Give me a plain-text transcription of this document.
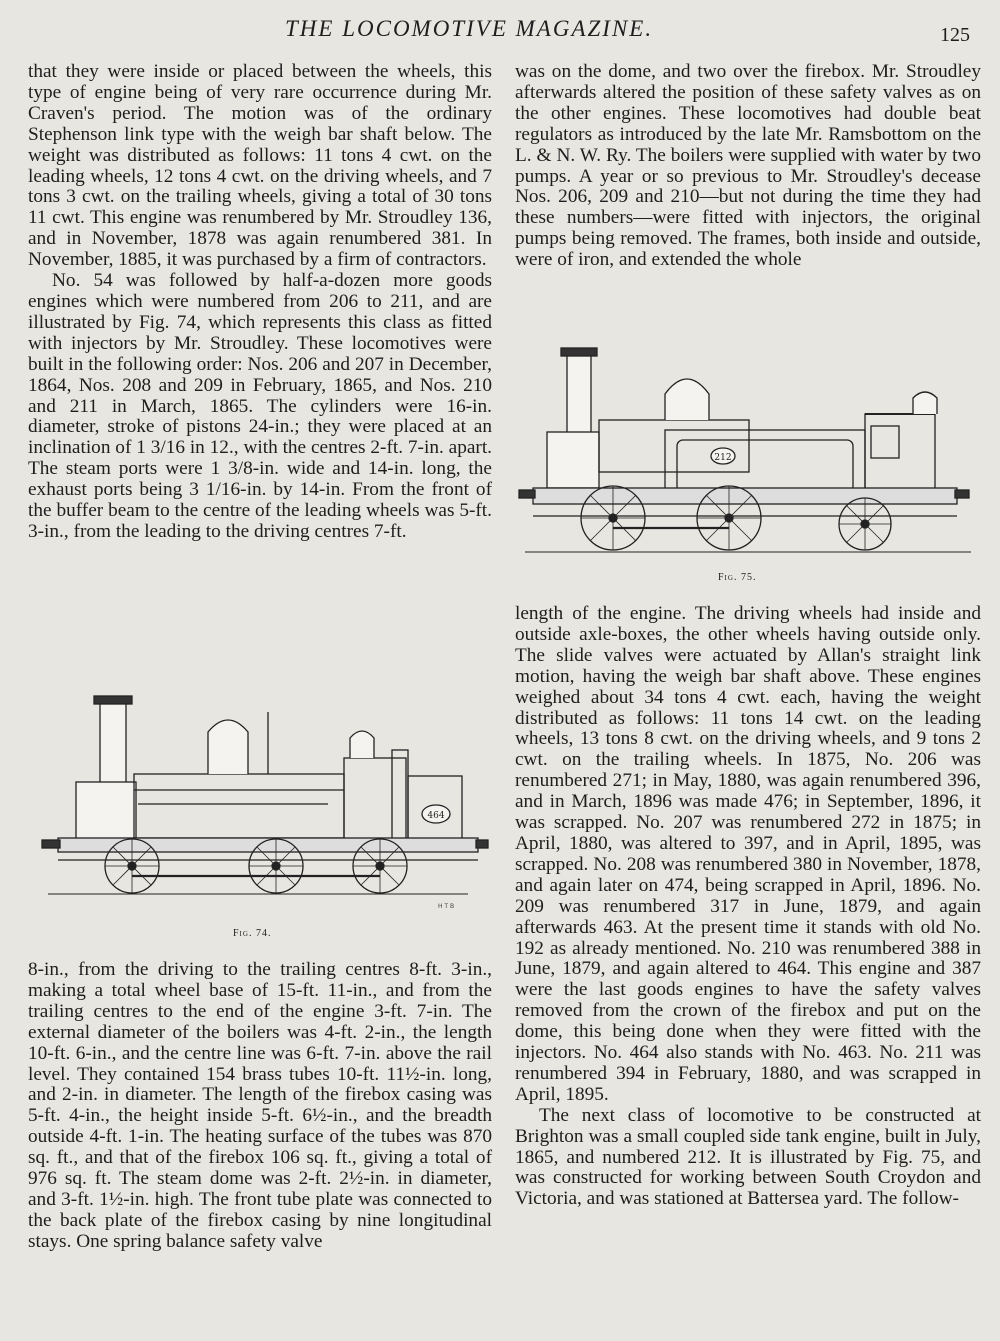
THE LOCOMOTIVE MAGAZINE.	125

that they were inside or placed between the wheels, this type of engine being of very rare occurrence during Mr. Craven's period. The motion was of the ordinary Stephenson link type with the weigh bar shaft below. The weight was distributed as follows: 11 tons 4 cwt. on the leading wheels, 12 tons 4 cwt. on the driving wheels, and 7 tons 3 cwt. on the trailing wheels, giving a total of 30 tons 11 cwt. This engine was renumbered by Mr. Stroudley 136, and in November, 1878 was again renumbered 381. In November, 1885, it was purchased by a firm of contractors.

No. 54 was followed by half-a-dozen more goods engines which were numbered from 206 to 211, and are illustrated by Fig. 74, which represents this class as fitted with injectors by Mr. Stroudley. These locomotives were built in the following order: Nos. 206 and 207 in December, 1864, Nos. 208 and 209 in February, 1865, and Nos. 210 and 211 in March, 1865. The cylinders were 16-in. diameter, stroke of pistons 24-in.; they were placed at an inclination of 1 3/16 in 12., with the centres 2-ft. 7-in. apart. The steam ports were 1 3/8-in. wide and 14-in. long, the exhaust ports being 3 1/16-in. by 14-in. From the front of the buffer beam to the centre of the leading wheels was 5-ft. 3-in., from the leading to the driving centres 7-ft.

464
H T B
Fig. 74.

8-in., from the driving to the trailing centres 8-ft. 3-in., making a total wheel base of 15-ft. 11-in., and from the trailing centres to the end of the engine 3-ft. 7-in. The external diameter of the boilers was 4-ft. 2-in., the length 10-ft. 6-in., and the centre line was 6-ft. 7-in. above the rail level. They contained 154 brass tubes 10-ft. 11½-in. long, and 2-in. in diameter. The length of the firebox casing was 5-ft. 4-in., the height inside 5-ft. 6½-in., and the breadth outside 4-ft. 1-in. The heating surface of the tubes was 870 sq. ft., and that of the firebox 106 sq. ft., giving a total of 976 sq. ft. The steam dome was 2-ft. 2½-in. in diameter, and 3-ft. 1½-in. high. The front tube plate was connected to the back plate of the firebox casing by nine longitudinal stays. One spring balance safety valve

was on the dome, and two over the firebox. Mr. Stroudley afterwards altered the position of these safety valves as on the other engines. These locomotives had double beat regulators as introduced by the late Mr. Ramsbottom on the L. & N. W. Ry. The boilers were supplied with water by two pumps. A year or so previous to Mr. Stroudley's decease Nos. 206, 209 and 210—but not during the time they had these numbers—were fitted with injectors, the original pumps being removed. The frames, both inside and outside, were of iron, and extended the whole

212
Fig. 75.

length of the engine. The driving wheels had inside and outside axle-boxes, the other wheels having outside only. The slide valves were actuated by Allan's straight link motion, having the weigh bar shaft above. These engines weighed about 34 tons 4 cwt. each, having the weight distributed as follows: 11 tons 14 cwt. on the leading wheels, 13 tons 8 cwt. on the driving wheels, and 9 tons 2 cwt. on the trailing wheels. In 1875, No. 206 was renumbered 271; in May, 1880, was again renumbered 396, and in March, 1896 was made 476; in September, 1896, it was scrapped. No. 207 was renumbered 272 in 1875; in April, 1880, was altered to 397, and in April, 1895, was scrapped. No. 208 was renumbered 380 in November, 1878, and again later on 474, being scrapped in April, 1896. No. 209 was renumbered 317 in June, 1879, and again afterwards 463. At the present time it stands with old No. 192 as already mentioned. No. 210 was renumbered 388 in June, 1879, and again altered to 464. This engine and 387 were the last goods engines to have the safety valves removed from the crown of the firebox and put on the dome, this being done when they were fitted with the injectors. No. 464 also stands with No. 463. No. 211 was renumbered 394 in February, 1880, and was scrapped in April, 1895.

The next class of locomotive to be constructed at Brighton was a small coupled side tank engine, built in July, 1865, and numbered 212. It is illustrated by Fig. 75, and was constructed for working between South Croydon and Victoria, and was stationed at Battersea yard. The follow-
